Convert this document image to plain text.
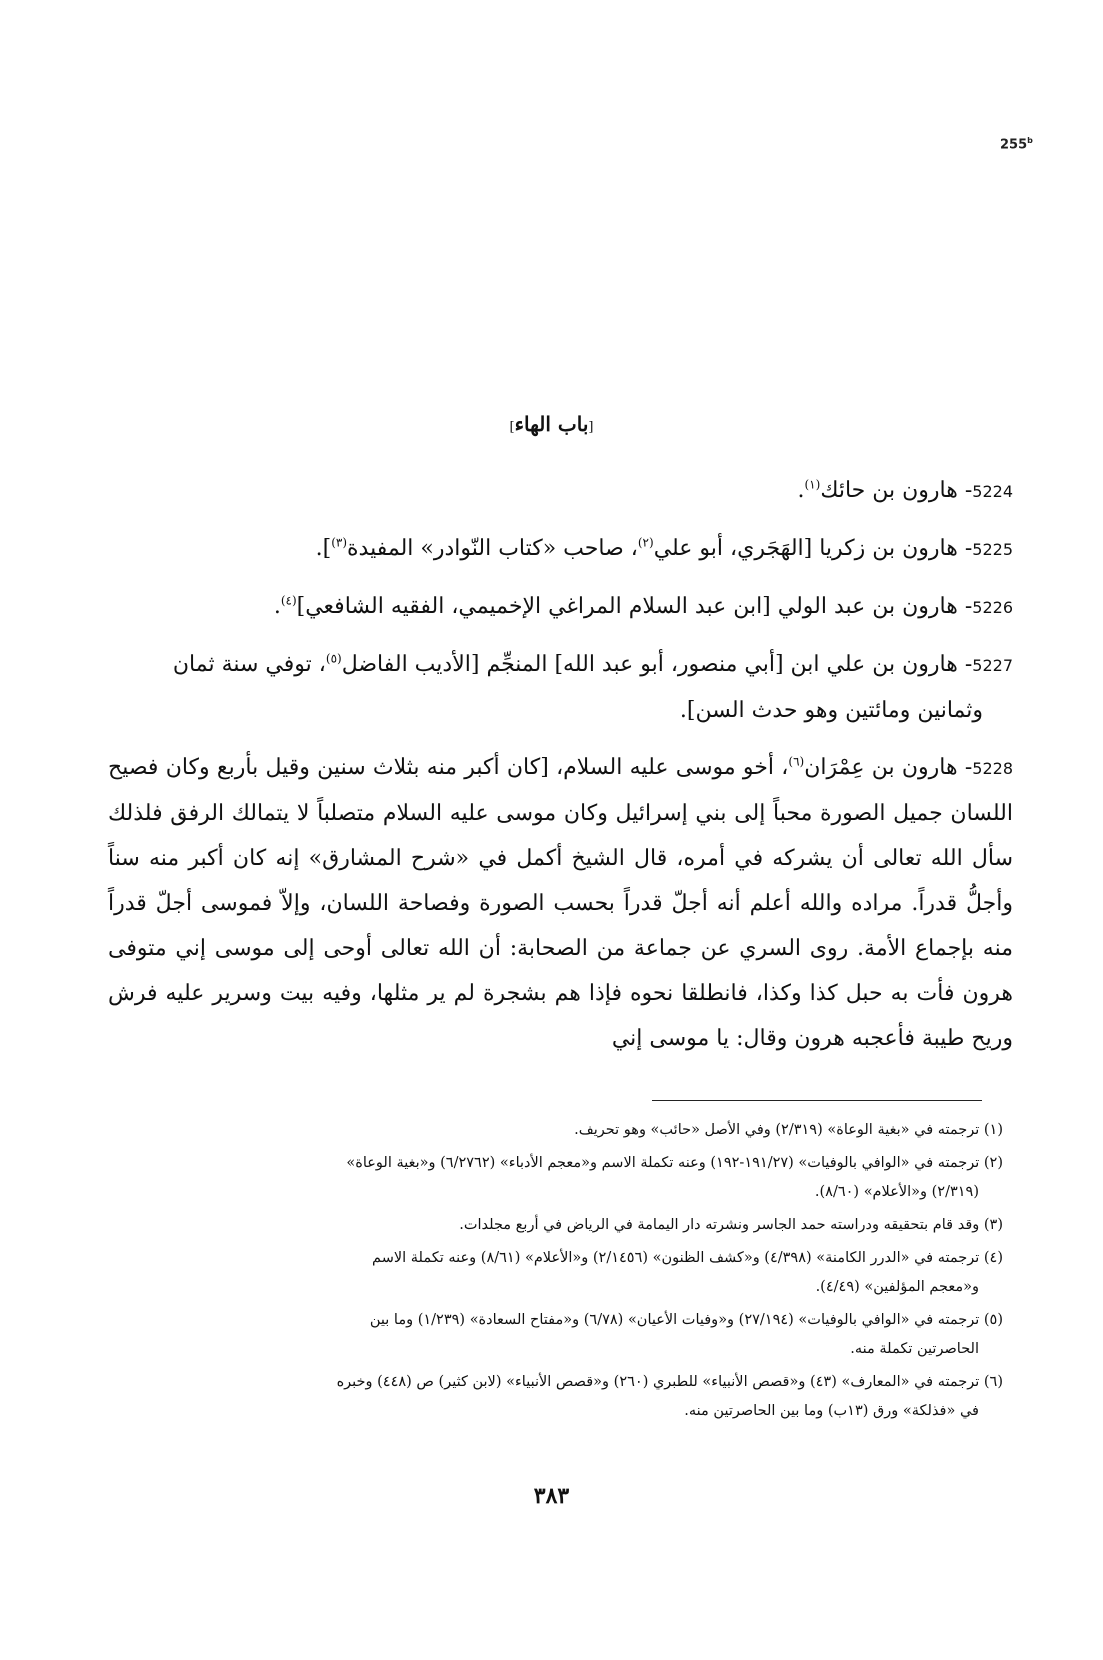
255$^b$
[باب الهاء]

5224- هارون بن حائك$^{(١)}$.

5225- هارون بن زكريا [الهَجَري، أبو علي$^{(٢)}$، صاحب «كتاب النّوادر» المفيدة$^{(٣)}$].

5226- هارون بن عبد الولي [ابن عبد السلام المراغي الإخميمي، الفقيه الشافعي]$^{(٤)}$.

5227- هارون بن علي ابن [أبي منصور، أبو عبد الله] المنجِّم [الأديب الفاضل$^{(٥)}$، توفي سنة ثمان
وثمانين ومائتين وهو حدث السن].

5228- هارون بن عِمْرَان$^{(٦)}$، أخو موسى عليه السلام، [كان أكبر منه بثلاث سنين وقيل بأربع وكان فصيح اللسان جميل الصورة محباً إلى بني إسرائيل وكان موسى عليه السلام متصلباً لا يتمالك الرفق فلذلك سأل الله تعالى أن يشركه في أمره، قال الشيخ أكمل في «شرح المشارق» إنه كان أكبر منه سناً وأجلُّ قدراً. مراده والله أعلم أنه أجلّ قدراً بحسب الصورة وفصاحة اللسان، وإلاّ فموسى أجلّ قدراً منه بإجماع الأمة. روى السري عن جماعة من الصحابة: أن الله تعالى أوحى إلى موسى إني متوفى هرون فأت به حبل كذا وكذا، فانطلقا نحوه فإذا هم بشجرة لم ير مثلها، وفيه بيت وسرير عليه فرش وريح طيبة فأعجبه هرون وقال: يا موسى إني

(١) ترجمته في «بغية الوعاة» (٢/٣١٩) وفي الأصل «حائب» وهو تحريف.

(٢) ترجمته في «الوافي بالوفيات» (١٩١/٢٧-١٩٢) وعنه تكملة الاسم و«معجم الأدباء» (٦/٢٧٦٢) و«بغية الوعاة»
(٢/٣١٩) و«الأعلام» (٨/٦٠).

(٣) وقد قام بتحقيقه ودراسته حمد الجاسر ونشرته دار اليمامة في الرياض في أربع مجلدات.

(٤) ترجمته في «الدرر الكامنة» (٤/٣٩٨) و«كشف الظنون» (٢/١٤٥٦) و«الأعلام» (٨/٦١) وعنه تكملة الاسم
و«معجم المؤلفين» (٤/٤٩).

(٥) ترجمته في «الوافي بالوفيات» (٢٧/١٩٤) و«وفيات الأعيان» (٦/٧٨) و«مفتاح السعادة» (١/٢٣٩) وما بين
الحاصرتين تكملة منه.

(٦) ترجمته في «المعارف» (٤٣) و«قصص الأنبياء» للطبري (٢٦٠) و«قصص الأنبياء» (لابن كثير) ص (٤٤٨) وخبره
في «فذلكة» ورق (١٣ب) وما بين الحاصرتين منه.

٣٨٣
